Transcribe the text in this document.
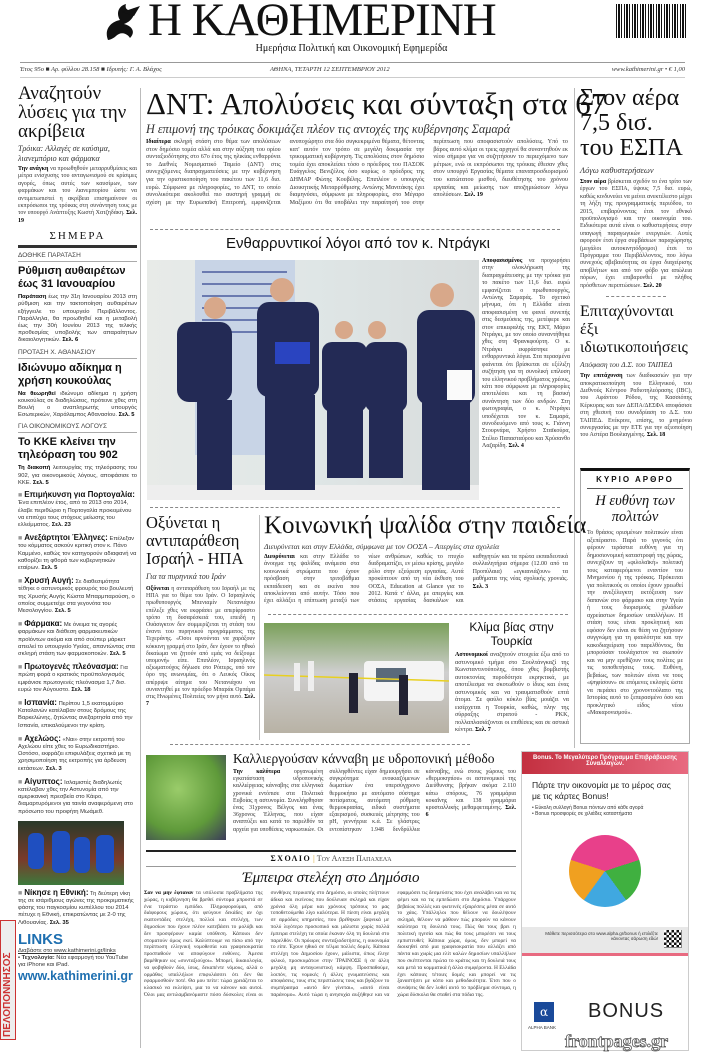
Η ΚΑΘΗΜΕΡΙΝΗ
Ημερήσια Πολιτική και Οικονομική Εφημερίδα
Έτος 95ο ■ Αρ. φύλλου 28.158 ■ Ιδρυτής: Γ. Α. Βλάχος	ΑΘΗΝΑ, ΤΕΤΑΡΤΗ 12 ΣΕΠΤΕΜΒΡΙΟΥ 2012	www.kathimerini.gr • € 1,00
Αναζητούν λύσεις για την ακρίβεια
Τρόικα: Αλλαγές σε καύσιμα, λιανεμπόριο και φάρμακα
Την ανάγκη να προωθηθούν μεταρρυθμίσεις και μέτρα ενίσχυσης του ανταγωνισμού σε κρίσιμες αγορές, όπως αυτές των καυσίμων, των φαρμάκων και του λιανεμπορίου ώστε να αντιμετωπιστεί η ακρίβεια επισημαίνουν οι εκπρόσωποι της τρόικας στη συνάντηση τους με τον υπουργό Ανάπτυξης Κωστή Χατζηδάκη. Σελ. 19
ΣΗΜΕΡΑ
ΔΟΘΗΚΕ ΠΑΡΑΤΑΣΗ
Ρύθμιση αυθαιρέτων έως 31 Ιανουαρίου
Παράταση έως την 31η Ιανουαρίου 2013 στη ρύθμιση και την τακτοποίηση αυθαιρέτων εξήγγειλε το υπουργείο Περιβάλλοντος. Παράλληλα, θα προωθηθεί και η μεταβολή έως την 30ή Ιουνίου 2013 της τελικής προθεσμίας υποβολής των απαραίτητων δικαιολογητικών. Σελ. 6
ΠΡΟΤΑΣΗ Χ. ΑΘΑΝΑΣΙΟΥ
Ιδιώνυμο αδίκημα η χρήση κουκούλας
Να θεωρηθεί ιδιώνυμο αδίκημα η χρήση κουκούλας σε διαδηλώσεις, πρότεινε χθες στη Βουλή ο αναπληρωτής υπουργός Εσωτερικών, Χαράλαμπος Αθανασίου. Σελ. 5
ΓΙΑ ΟΙΚΟΝΟΜΙΚΟΥΣ ΛΟΓΟΥΣ
Το ΚΚΕ κλείνει την τηλεόραση του 902
Τη διακοπή λειτουργίας της τηλεόρασης του 902, για οικονομικούς λόγους, αποφάσισε το ΚΚΕ. Σελ. 5
■ Επιμήκυνση για Πορτογαλία: Ένα επιπλέον έτος, από το 2013 στο 2014, έλαβε περιθώριο η Πορτογαλία προκειμένου να επιτύχει τους στόχους μείωσης του ελλείμματος. Σελ. 23
■ Ανεξάρτητοι Έλληνες: Επέλεξαν του κόμματος ασκούν κριτική στον κ. Πάνο Καμμένο, καθώς τον κατηγορούν αδιαφανή να καθορίζει τη φθορά των κυβερνητικών εταίρων. Σελ. 5
■ Χρυσή Αυγή: Σε διαθεσιμότητα τέθηκε ο αστυνομικός φρουρός του βουλευτή της Χρυσής Αυγής Κώστα Μπαρμπαρούση, ο οποίος συμμετείχε στα γεγονότα του Μεσολογγίου. Σελ. 5
■ Φάρμακα: Με όνειμα τις αγορές φαρμάκων και διάθεση φαρμακευτικών προϊόντων ακόμα και από σούπερ μάρκετ απειλεί το υπουργείο Υγείας, απαντώντας στα σκληρή στάση των φαρμακοποιών. Σελ. 5
■ Πρωτογενές πλεόνασμα: Για πρώτη φορά ο κρατικός προϋπολογισμός εμφάνισε πρωτογενές πλεόνασμα 1,7 δισ. ευρώ τον Αύγουστο. Σελ. 18
■ Ισπανία: Περίπου 1,5 εκατομμύριο Καταλανών κατέλαβαν στους δρόμους της Βαρκελώνης, ζητώντας ανεξαρτησία από την Ισπανία, επικαλούμενοι την κρίση.
■ Αχελώος: «Ναι» στην εκτροπή του Αχελώου είπε χθες το Ευρωδικαστήριο. Ωστόσο, εκφράζει επιφυλάξεις σχετικά με τη χρησιμοποίηση της εκτροπής για άρδευση εκτάσεων. Σελ. 3
■ Αίγυπτος: Ισλαμιστές διαδηλωτές κατέλαβαν χθες την Αστυνομία από την αμερικανική πρεσβεία στο Κάιρο, διαμαρτυρόμενοι για ταινία αναφερόμενη στο πρόσωπο του προφήτη Μωάμεθ.
■ Νίκησε η Εθνική: Τη δεύτερη νίκη της σε ισάριθμους αγώνες της προκριματικής φάσης του παγκοσμίου κυπέλλου του 2014 πέτυχε η Εθνική, επικρατώντας με 2-0 της Λιθουανίας. Σελ. 35
LINKS
Διαβάστε στο www.kathimerini.gr/links
• Τεχνολογία: Νέα εφαρμογή του YouTube για iPhone και iPad.
www.kathimerini.gr
ΠΕΛΟΠΟΝΝΗΣΟΣ
ΔΝΤ: Απολύσεις και σύνταξη στα 67
Η επιμονή της τρόικας δοκιμάζει πλέον τις αντοχές της κυβέρνησης Σαμαρά
Ιδιαίτερα σκληρή στάση στο θέμα των απολύσεων στον δημόσιο τομέα αλλά και στην αύξηση του ορίου συνταξιοδότησης στο 67ο έτος της ηλικίας ενθαρρύνει το Διεθνές Νομισματικό Ταμείο (ΔΝΤ) στις συνεχιζόμενες διαπραγματεύσεις με την κυβέρνηση για την οριστικοποίηση του πακέτου των 11,6 δισ. ευρώ. Σύμφωνα με πληροφορίες, το ΔΝΤ, το οποίο συνολικότερα ακολουθεί πιο αυστηρή γραμμή σε σχέση με την Ευρωπαϊκή Επιτροπή, εμφανίζεται ανυποχώρητο στα δύο συγκεκριμένα θέματα, θέτοντας κατ' αυτόν τον τρόπο σε μεγάλη δοκιμασία την τρικομματική κυβέρνηση. Τις απολύσεις στον δημόσιο τομέα έχει αποκλείσει τόσο ο πρόεδρος του ΠΑΣΟΚ Ευάγγελος Βενιζέλος όσο κυρίως ο πρόεδρος της ΔΗΜΑΡ Φώτης Κουβέλης. Επιπλέον ο υπουργός Διοικητικής Μεταρρύθμισης Αντώνης Μανιτάκης έχει διαμηνύσει, σύμφωνα με πληροφορίες, στο Μέγαρο Μαξίμου ότι θα υποβάλει την παραίτησή του στην περίπτωση που αποφασιστούν απολύσεις. Υπό το βάρος αυτό κλίμα οι τρεις αρχηγοί θα συναντηθούν εκ νέου σήμερα για να συζητήσουν το περιεχόμενο των μέτρων, ενώ οι εκπρόσωποι της τρόικας έθεσαν χθες στον υπουργό Εργασίας θέματα επαναπροσδιορισμού του κατώτατου μισθού, διευθέτησης του χρόνου εργασίας και μείωσης των αποζημιώσεων λόγω απολύσεων. Σελ. 19
Ενθαρρυντικοί λόγοι από τον κ. Ντράγκι
Αποφασισμένος να προχωρήσει στην ολοκλήρωση της διαπραγμάτευσης με την τρόικα για το πακέτο των 11,6 δισ. ευρώ εμφανίζεται ο πρωθυπουργός, Αντώνης Σαμαράς. Το σχετικό μήνυμα, ότι η Ελλάδα είναι αποφασισμένη να φανεί συνεπής στις δεσμεύσεις της, μετέφερε και στον επικεφαλής της ΕΚΤ, Μάριο Ντράγκι, με τον οποίο συναντήθηκε χθες στη Φρανκφούρτη. Ο κ. Ντράγκι εκφράστηκε με ενθαρρυντικά λόγια. Στα περασμένα φαίνεται ότι βρίσκεται σε εξέλιξη συζήτηση για τη συνολική επίλυση του ελληνικού προβλήματος χρέους, κάτι που σύμφωνα με πληροφορίες αποτελέσει και τη βασική συνάντηση των δύο ανδρών. Στη φωτογραφία, ο κ. Ντράγκι υποδέχεται τον κ. Σαμαρά, συνοδευόμενο από τους κ. Γιάννη Στουρνάρα, Χρήστο Σταϊκούρα, Στέλιο Παπασταύρου και Χρύσανθο Λαζαρίδη. Σελ. 4
Οξύνεται η αντιπαράθεση Ισραήλ - ΗΠΑ
Για τα πυρηνικά του Ιράν
Οξύνεται η αντιπαράθεση του Ισραήλ με τις ΗΠΑ για το θέμα του Ιράν. Ο Ισραηλινός πρωθυπουργός Μπενιαμίν Νετανιάχου επέλεξε χθες να εκφράσει με απερίφραστο τρόπο τη δυσαρέσκειά του, επειδή η Ουάσιγκτον δεν συμμερίζεται τη στάση του έναντι του πυρηνικού προγράμματος της Τεχεράνης. «Όσοι αρνούνται να χαράξουν κόκκινη γραμμή στο Ιράν, δεν έχουν το ηθικό δικαίωμα να ζητούν από εμάς να δείξουμε υπομονή» είπε. Επιπλέον, Ισραηλινός αξιωματούχος δήλωσε στο Ρόιτερς, υπό τον όρο της ανωνυμίας, ότι ο Λευκός Οίκος απέρριψε αίτημα του Νετανιάχου να συναντηθεί με τον πρόεδρο Μπαράκ Ομπάμα στις Ηνωμένες Πολιτείες τον μήνα αυτό. Σελ. 7
Κοινωνική ψαλίδα στην παιδεία
Διευρύνεται και στην Ελλάδα, σύμφωνα με τον ΟΟΣΑ – Απεργίες στα σχολεία
Διευρύνεται και στην Ελλάδα το άνοιγμα της ψαλίδας ανάμεσα στα κοινωνικά στρώματα που έχουν πρόσβαση στην τριτοβάθμια εκπαίδευση και σε εκείνα που αποκλείονται από αυτήν. Τόσο που έχει αλλάξει η επίπτωση μεταξύ των νέων ανθρώπων, καθώς το πτυχίο διαδραματίζει, εν μέσω κρίσης, μεγάλο ρόλο στην εξεύρεση εργασίας. Αυτά προκύπτουν από τη νέα έκθεση του ΟΟΣΑ, Education at Glance για το 2012. Κατά τ' άλλα, με απεργίες και στάσεις εργασίας δασκάλων και καθηγητών και τα πρώτα εκπαιδευτικά συλλαλητήρια σήμερα (12.00 από τα Προπύλαια) «εγκαινιάζουν» τα μαθήματα της νέας σχολικής χρονιάς. Σελ. 3
Κλίμα βίας στην Τουρκία
Αστυνομικοί αναζητούν στοιχεία έξω από το αστυνομικό τμήμα στο Σουλτάνγκαζί της Κωνσταντινούπολης, όπου χθες βομβιστής αυτοκτονίας πυροδότησε εκρηκτικά, με αποτέλεσμα να σκοτωθούν ο ίδιος και ένας αστυνομικός και να τραυματισθούν επτά άτομα. Σε φαύλο κύκλο βίας μοιάζει να εισέρχεται η Τουρκία, καθώς, πλην της σύρραξης στρατού - PKK, πολλαπλασιάζονται οι επιθέσεις και σε αστικά κέντρα. Σελ. 7
Καλλιεργούσαν κάνναβη με υδροπονική μέθοδο
Την καλύτερα οργανωμένη εγκατάσταση υδροπονικής καλλιέργειας κάνναβης στα ελληνικά χρονικά εντόπισε στα Πολιτικά Ευβοίας η αστυνομία. Συνελήφθησαν ένας 31χρονος Βέλγος και ένας 36χρονος Έλληνας, που είχαν αναπτύξει και κατά το παρελθόν τα αρχεία για υποθέσεις ναρκωτικών. Οι συλληφθέντες είχαν δημιουργήσει σε συγκρότημα ενοικιαζόμενων δωματίων ένα υπερσύγχρονο θερμοκήπιο με αυτόματο σύστημα ποτίσματος, αυτόματη ρύθμιση θερμοκρασίας, ειδικά συστήματα εξαερισμού, συσκευές μέτρησης του pH, γεννήτρια κ.ά. Σε γλάστρες εντοπίστηκαν 1.948 δενδρύλλια κάνναβης, ενώ στους χώρους του «θερμοκηπίου» οι αστυνομικοί της Διεύθυνσης βρήκαν ακόμα 2.110 κάτω σπόρους, 76 γραμμάρια κοκαΐνης και 138 γραμμάρια κρυσταλλικής μεθαμφεταμίνης. Σελ. 6
ΣΧΟΛΙΟ | Του Αλέξη Παπαχελά
Έμπειρα στελέχη στο Δημόσιο
Σαν να μην έφταναν τα υπόλοιπα προβλήματα της χώρας, η κυβέρνηση θα βρεθεί σύντομα μπροστά σε ένα τεράστιο εμπόδιο. Πληροφορούμαι, από διάφορους χώρους, ότι φεύγουν δεκάδες αν όχι εκατοντάδες στελέχη, πολλοί και στελέχη, των δημοσίων που έχουν πλέον κατεβάσει το μολύβι και δεν προσφέρουν καμία υπόθεση. Κάποιοι δεν στοματούν όμως εκεί. Καλύπτουμε να πίσω από την περίπτωση ελληνική νομοθεσία και γραφειοκρατία προσπαθούν να αποφύγουν ευθύνες. Άμεσα βαρέθηκαν ως «συνταξιούχοι». Μπορεί, δικαιολογία, να φοβηθούν δύο, ίσως, δεκαπέντε νόμους, αλλά ο ορμάθος υπαλλήλων επιφυλάσσει ότι δεν θα εφαρμοσθούν ποτέ. Θα μου πείτε: τώρα χρειάζεται το κλασικό να εκλείψει, μια το να κάνουν και αυτοί. Όλοι μας αντιλαμβανόμαστε πόσο δύσκολες είναι οι συνθήκες περικοπής στο Δημόσιο, οι οποίες πλήττουν άδικα και εκείνους που δούλευαν σκληρά και είχαν χρόνια όλη μέρα και χρόνους τρόπους το μας τοποθετούμεθα λίγο καλύτερα. Η πίεση είναι μεγάλη σε αρμόδιες υπηρεσίες, που βρέθηκαν ξαφνικά με πολύ λιγότερο προσωπικό και μάλιστα χωρίς πολλά έμπειρα στελέχη τα οποία έκαναν όλη τη δουλειά στο παρελθόν. Οι πρόωρες συνταξιοδοτήσεις, η οικονομία το είπε. Έχουν ηθικό σε τέλμα πολλές δομές. Κάποια στελέχη του Δημοσίου έχουν, μάλιστα, όπως έλεγε φιλικό, προσκυμάτων στην ΤΡΑΙΝΟΣΕ ή σε άλλη μεγάλη μη ανταγωνιστική κάμψη. Προσπαθούμε, λοιπόν, τις νομικές ή άλλες γνωματεύσεις και αποφάσεις, τους στις περιπτώσεις τους και βγάζουν το συμπέρασμα «αυτό δεν γίνεται», «αυτό είναι παράνομο». Αυτό τώρα η ανησυχία αυξήθηκε και να εφαρμόσει τις δεσμεύσεις που έχει αναλάβει και να τις φέρει και να τις εμπεδώσει στο Δημόσιο. Υπάρχουν βεβαίως πολλές και φωτεινές εξαιρέσεις μέσα σε αυτό το χάος. Υπάλληλοι που θέλουν να δουλέψουν σκληρά, θέλουν να μάθουν πώς μπορούν να κάνουν καλύτερα τη δουλειά τους. Πώς θα τους βρει η πολιτική ηγεσία και πώς θα τους μπορέσει να τους εμπιστευθεί; Κάποια χώρα, όμως, δεν μπορεί να διοικηθεί από μια γραφειοκρατία που αλλάζει από πάντα και χωρίς μια ελίτ καλών δημοσίων υπαλλήλων που σκέπτονται πρώτα το κράτος και τη δουλειά τους και μετά τα κομματικά ή άλλα συμφέροντα. Η Ελλάδα έχει κάποιες τέτοιες δομές και μπορεί να τις ξαναστήσει με κόπο και μεθοδικότητα. Έτσι που ο συνάψεις θα δεν λυθεί αυτό το πρόβλημα σύντομα, η χώρα δύσκολα θα σταθεί στα πόδια της.
Στον αέρα 7,5 δισ. του ΕΣΠΑ
Λόγω καθυστερήσεων
Στον αέρα βρίσκεται σχεδόν το ένα τρίτο των έργων του ΕΣΠΑ, ύψους 7,5 δισ. ευρώ, καθώς κινδυνεύει να μείνει ανεκτέλεστο μέχρι τη λήξη της προγραμματικής περιόδου, το 2015, επιβαρύνοντας έτσι τον εθνικό προϋπολογισμό και την οικονομία του. Ειδικότερα αυτά είναι ο καθυστερήσεις στην υπαγωγή παραγωγικών ενεργειών. Αυτές αφορούν έτσι έργα συμβάσεων παραχώρησης (μεγάλοι αυτοκινητόδρομοι) έτσι το Πρόγραμμα του Περιβάλλοντος, που λόγω συνεχούς αβεβαιότητας σε έργα διαχείρισης αποβλήτων και από τον φόβο για απώλεια πόρων, έχει επιβαρυνθεί με πλήθος πρόσθετων περιπτώσεων. Σελ. 20
Επιταχύνονται έξι ιδιωτικοποιήσεις
Απόφαση του Δ.Σ. του ΤΑΙΠΕΔ
Την επιτάχυνση των διαδικασιών για την αποκρατικοποίηση του Ελληνικού, του Διεθνούς Κέντρου Ραδιοτηλεόρασης (IBC), του Αφάντου Ρόδου, της Κασσιόπης Κέρκυρας και των ΔΕΠΑ/ΔΕΣΦΑ αποφάσισε στη χθεσινή του συνεδρίαση το Δ.Σ. του ΤΑΙΠΕΔ. Ενέκρινε, επίσης, το μνημόνιο συνεργασίας με την ΕΤΕ για την αξιοποίηση του Αστέρα Βουλιαγμένης. Σελ. 18
ΚΥΡΙΟ ΑΡΘΡΟ
Η ευθύνη των πολιτών
Το θράσος ορισμένων πολιτικών είναι αξεπέραστο. Παρά το γεγονός ότι φέρουν τεράστια ευθύνη για τη δημοσιονομική καταστροφή της χώρας, συνεχίζουν τη «φιλολαϊκή» πολιτική τους καταφερόμενοι εναντίον του Μνημονίου ή της τρόικας. Πρόκειται για πολιτικούς οι οποίοι έχουν χρεωθεί την ανεξέλεγκτη εκτόξευση των δαπανών στο φάρμακο και στην Υγεία ή τους διορισμούς χιλιάδων αχρείαστων δημοσίων υπαλλήλων. Η στάση τους είναι προκλητική και εφόσον δεν είναι σε θέση να ζητήσουν συγγνώμη για τη φαυλότητα και την κακοδιαχείριση του παρελθόντος, θα μπορούσαν τουλάχιστον να σιωπούν και να μην ερεθίζουν τους πολίτες με τις τοποθετήσεις τους. Ευθύνη, βεβαίως, των πολιτών είναι να τους «ψηφίσουν» σε επόμενες εκλογές ώστε να περάσει στο χρονοντούλαπο της Ιστορίας αυτό το ξεπερασμένο όσο και προκλητικό είδος νέου «Μακαρονισμού».
Bonus. Το Μεγαλύτερο Πρόγραμμα Επιβράβευσης Συναλλαγών.
Πάρτε την οικονομία με το μέρος σας με τις κάρτες Bonus!
• Εύκολη συλλογή Bonus πόντων από κάθε αγορά
• Bonus προσφορές σε χιλιάδες καταστήματα
Μάθετε περισσότερα στο www.alpha.gr/bonus ή επιλέξτε κάνοντας σάρωση εδώ!
α
ALPHA BANK
BONUS
frontpages.gr
